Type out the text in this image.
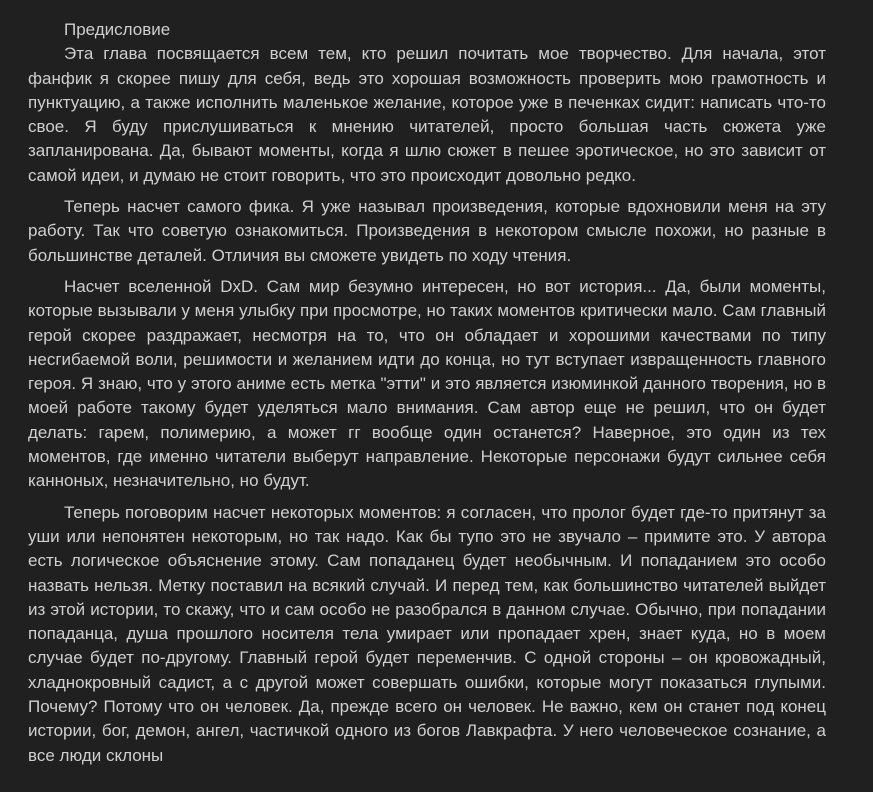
Предисловие

Эта глава посвящается всем тем, кто решил почитать мое творчество. Для начала, этот фанфик я скорее пишу для себя, ведь это хорошая возможность проверить мою грамотность и пунктуацию, а также исполнить маленькое желание, которое уже в печенках сидит: написать что-то свое. Я буду прислушиваться к мнению читателей, просто большая часть сюжета уже запланирована. Да, бывают моменты, когда я шлю сюжет в пешее эротическое, но это зависит от самой идеи, и думаю не стоит говорить, что это происходит довольно редко.

Теперь насчет самого фика. Я уже называл произведения, которые вдохновили меня на эту работу. Так что советую ознакомиться. Произведения в некотором смысле похожи, но разные в большинстве деталей. Отличия вы сможете увидеть по ходу чтения.

Насчет вселенной DxD. Сам мир безумно интересен, но вот история... Да, были моменты, которые вызывали у меня улыбку при просмотре, но таких моментов критически мало. Сам главный герой скорее раздражает, несмотря на то, что он обладает и хорошими качествами по типу несгибаемой воли, решимости и желанием идти до конца, но тут вступает извращенность главного героя. Я знаю, что у этого аниме есть метка "этти" и это является изюминкой данного творения, но в моей работе такому будет уделяться мало внимания. Сам автор еще не решил, что он будет делать: гарем, полимерию, а может гг вообще один останется? Наверное, это один из тех моментов, где именно читатели выберут направление. Некоторые персонажи будут сильнее себя канноных, незначительно, но будут.

Теперь поговорим насчет некоторых моментов: я согласен, что пролог будет где-то притянут за уши или непонятен некоторым, но так надо. Как бы тупо это не звучало – примите это. У автора есть логическое объяснение этому. Сам попаданец будет необычным. И попаданием это особо назвать нельзя. Метку поставил на всякий случай. И перед тем, как большинство читателей выйдет из этой истории, то скажу, что и сам особо не разобрался в данном случае. Обычно, при попадании попаданца, душа прошлого носителя тела умирает или пропадает хрен, знает куда, но в моем случае будет по-другому. Главный герой будет переменчив. С одной стороны – он кровожадный, хладнокровный садист, а с другой может совершать ошибки, которые могут показаться глупыми. Почему? Потому что он человек. Да, прежде всего он человек. Не важно, кем он станет под конец истории, бог, демон, ангел, частичкой одного из богов Лавкрафта. У него человеческое сознание, а все люди склоны
